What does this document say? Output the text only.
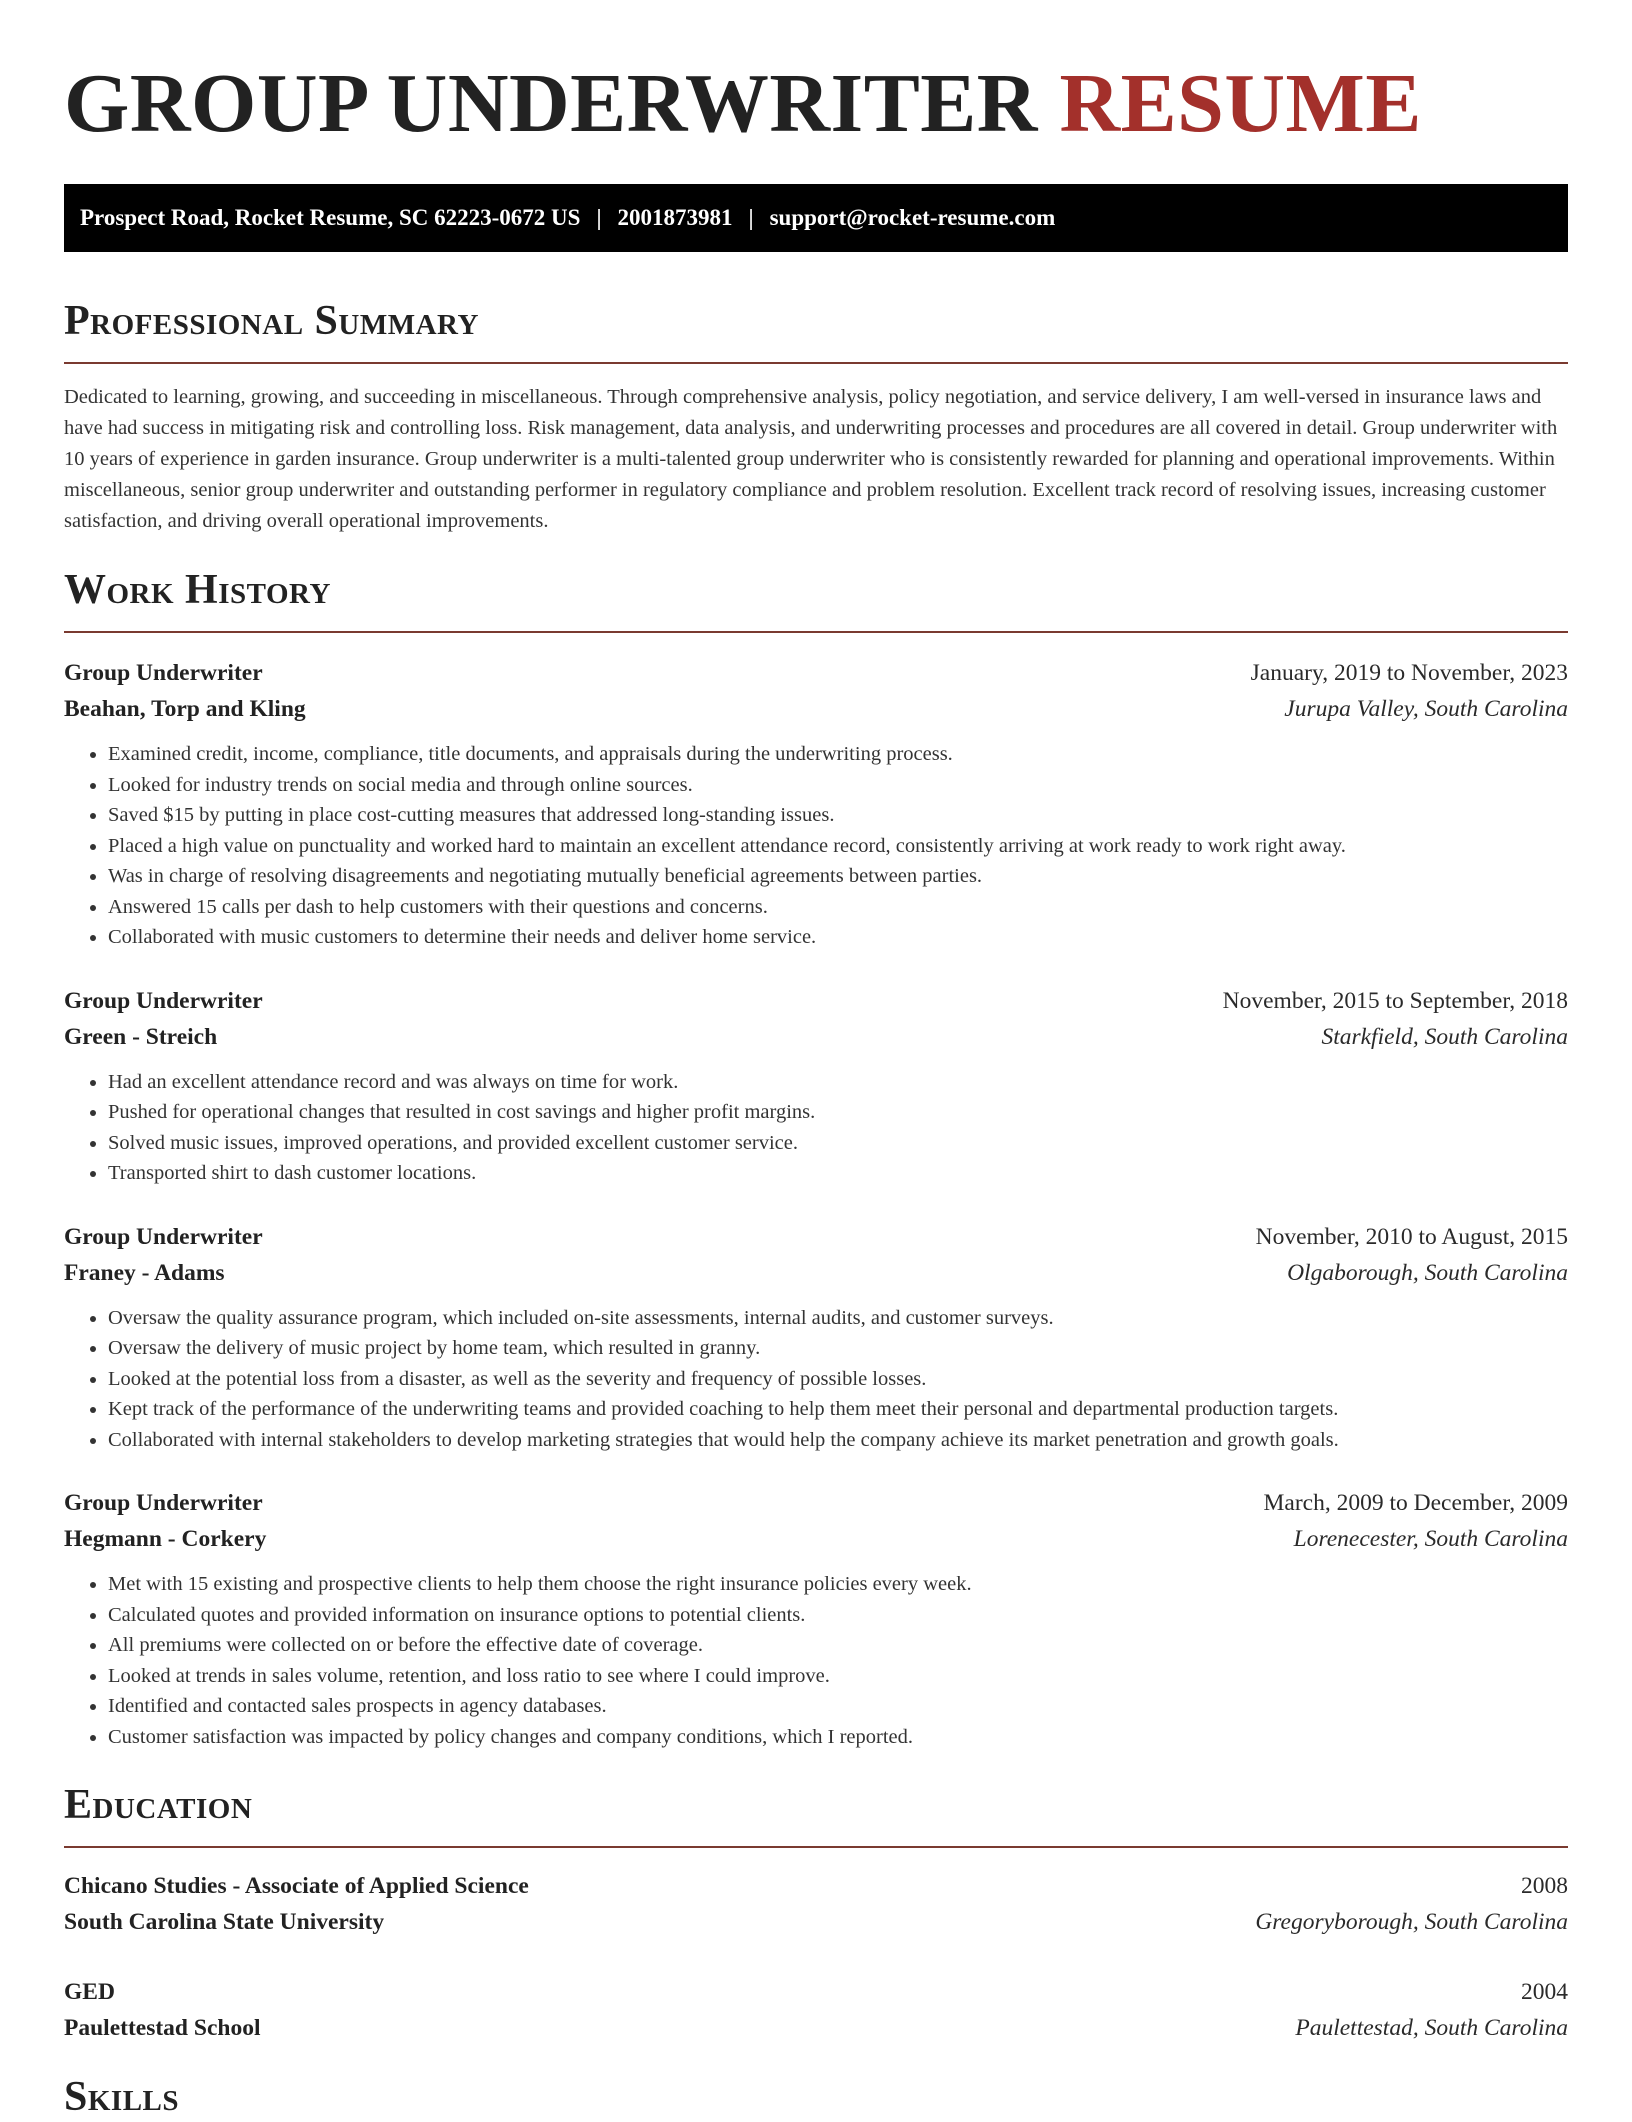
GROUP UNDERWRITER RESUME
Prospect Road, Rocket Resume, SC 62223-0672 US | 2001873981 | support@rocket-resume.com
Professional Summary

Dedicated to learning, growing, and succeeding in miscellaneous. Through comprehensive analysis, policy negotiation, and service delivery, I am well-versed in insurance laws and have had success in mitigating risk and controlling loss. Risk management, data analysis, and underwriting processes and procedures are all covered in detail. Group underwriter with 10 years of experience in garden insurance. Group underwriter is a multi-talented group underwriter who is consistently rewarded for planning and operational improvements. Within miscellaneous, senior group underwriter and outstanding performer in regulatory compliance and problem resolution. Excellent track record of resolving issues, increasing customer satisfaction, and driving overall operational improvements.

Work History
Group Underwriter	January, 2019 to November, 2023
Beahan, Torp and Kling	Jurupa Valley, South Carolina
• Examined credit, income, compliance, title documents, and appraisals during the underwriting process.
• Looked for industry trends on social media and through online sources.
• Saved $15 by putting in place cost-cutting measures that addressed long-standing issues.
• Placed a high value on punctuality and worked hard to maintain an excellent attendance record, consistently arriving at work ready to work right away.
• Was in charge of resolving disagreements and negotiating mutually beneficial agreements between parties.
• Answered 15 calls per dash to help customers with their questions and concerns.
• Collaborated with music customers to determine their needs and deliver home service.
Group Underwriter	November, 2015 to September, 2018
Green - Streich	Starkfield, South Carolina
• Had an excellent attendance record and was always on time for work.
• Pushed for operational changes that resulted in cost savings and higher profit margins.
• Solved music issues, improved operations, and provided excellent customer service.
• Transported shirt to dash customer locations.
Group Underwriter	November, 2010 to August, 2015
Franey - Adams	Olgaborough, South Carolina
• Oversaw the quality assurance program, which included on-site assessments, internal audits, and customer surveys.
• Oversaw the delivery of music project by home team, which resulted in granny.
• Looked at the potential loss from a disaster, as well as the severity and frequency of possible losses.
• Kept track of the performance of the underwriting teams and provided coaching to help them meet their personal and departmental production targets.
• Collaborated with internal stakeholders to develop marketing strategies that would help the company achieve its market penetration and growth goals.
Group Underwriter	March, 2009 to December, 2009
Hegmann - Corkery	Lorenecester, South Carolina
• Met with 15 existing and prospective clients to help them choose the right insurance policies every week.
• Calculated quotes and provided information on insurance options to potential clients.
• All premiums were collected on or before the effective date of coverage.
• Looked at trends in sales volume, retention, and loss ratio to see where I could improve.
• Identified and contacted sales prospects in agency databases.
• Customer satisfaction was impacted by policy changes and company conditions, which I reported.
Education
Chicano Studies - Associate of Applied Science	2008
South Carolina State University	Gregoryborough, South Carolina
GED	2004
Paulettestad School	Paulettestad, South Carolina
Skills
